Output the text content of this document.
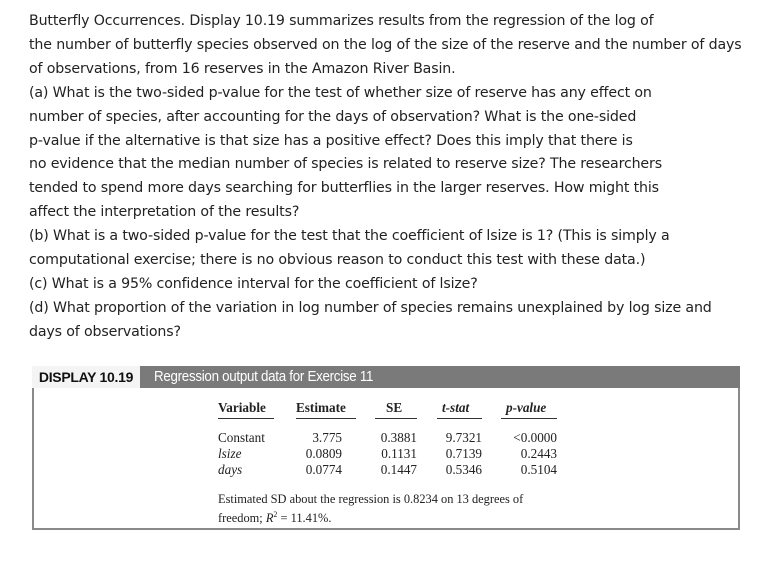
Butterfly Occurrences. Display 10.19 summarizes results from the regression of the log of
the number of butterfly species observed on the log of the size of the reserve and the number of days
of observations, from 16 reserves in the Amazon River Basin.
(a) What is the two-sided p-value for the test of whether size of reserve has any effect on
number of species, after accounting for the days of observation? What is the one-sided
p-value if the alternative is that size has a positive effect? Does this imply that there is
no evidence that the median number of species is related to reserve size? The researchers
tended to spend more days searching for butterflies in the larger reserves. How might this
affect the interpretation of the results?
(b) What is a two-sided p-value for the test that the coefficient of lsize is 1? (This is simply a
computational exercise; there is no obvious reason to conduct this test with these data.)
(c) What is a 95% confidence interval for the coefficient of lsize?
(d) What proportion of the variation in log number of species remains unexplained by log size and
days of observations?
DISPLAY 10.19	Regression output data for Exercise 11
Variable Estimate	SE	t-stat	p-value
Constant	3.775	0.3881	9.7321	<0.0000
lsize	0.0809	0.1131	0.7139	0.2443
days	0.0774	0.1447	0.5346	0.5104
Estimated SD about the regression is 0.8234 on 13 degrees of
freedom; $R^2 = 11.41\%$.
